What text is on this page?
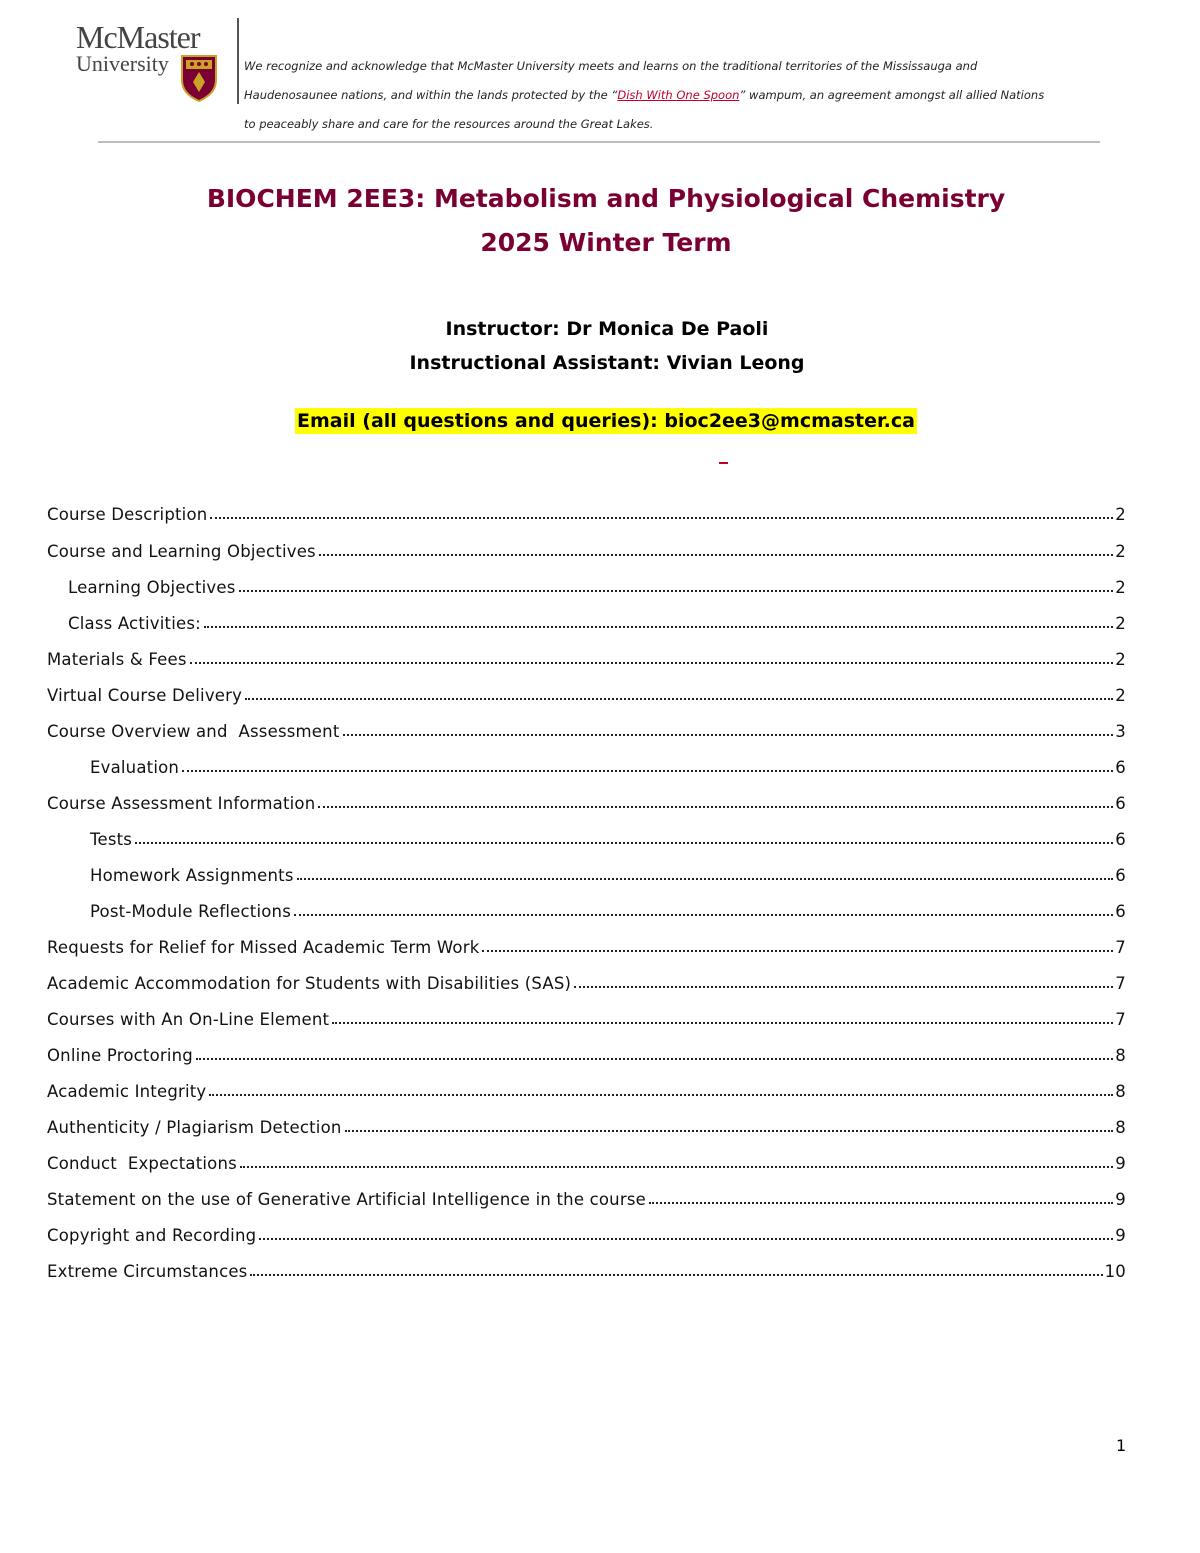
McMaster
University	We recognize and acknowledge that McMaster University meets and learns on the traditional territories of the Mississauga and
Haudenosaunee nations, and within the lands protected by the “Dish With One Spoon” wampum, an agreement amongst all allied Nations
to peaceably share and care for the resources around the Great Lakes.
BIOCHEM 2EE3: Metabolism and Physiological Chemistry
2025 Winter Term
Instructor: Dr Monica De Paoli
Instructional Assistant: Vivian Leong
Email (all questions and queries): bioc2ee3@mcmaster.ca
Course Description	2
Course and Learning Objectives	2
Learning Objectives	2
Class Activities:	2
Materials & Fees	2
Virtual Course Delivery	2
Course Overview and  Assessment	3
Evaluation	6
Course Assessment Information	6
Tests	6
Homework Assignments	6
Post-Module Reflections	6
Requests for Relief for Missed Academic Term Work	7
Academic Accommodation for Students with Disabilities (SAS)	7
Courses with An On-Line Element	7
Online Proctoring	8
Academic Integrity	8
Authenticity / Plagiarism Detection	8
Conduct  Expectations	9
Statement on the use of Generative Artificial Intelligence in the course	9
Copyright and Recording	9
Extreme Circumstances	10
1
